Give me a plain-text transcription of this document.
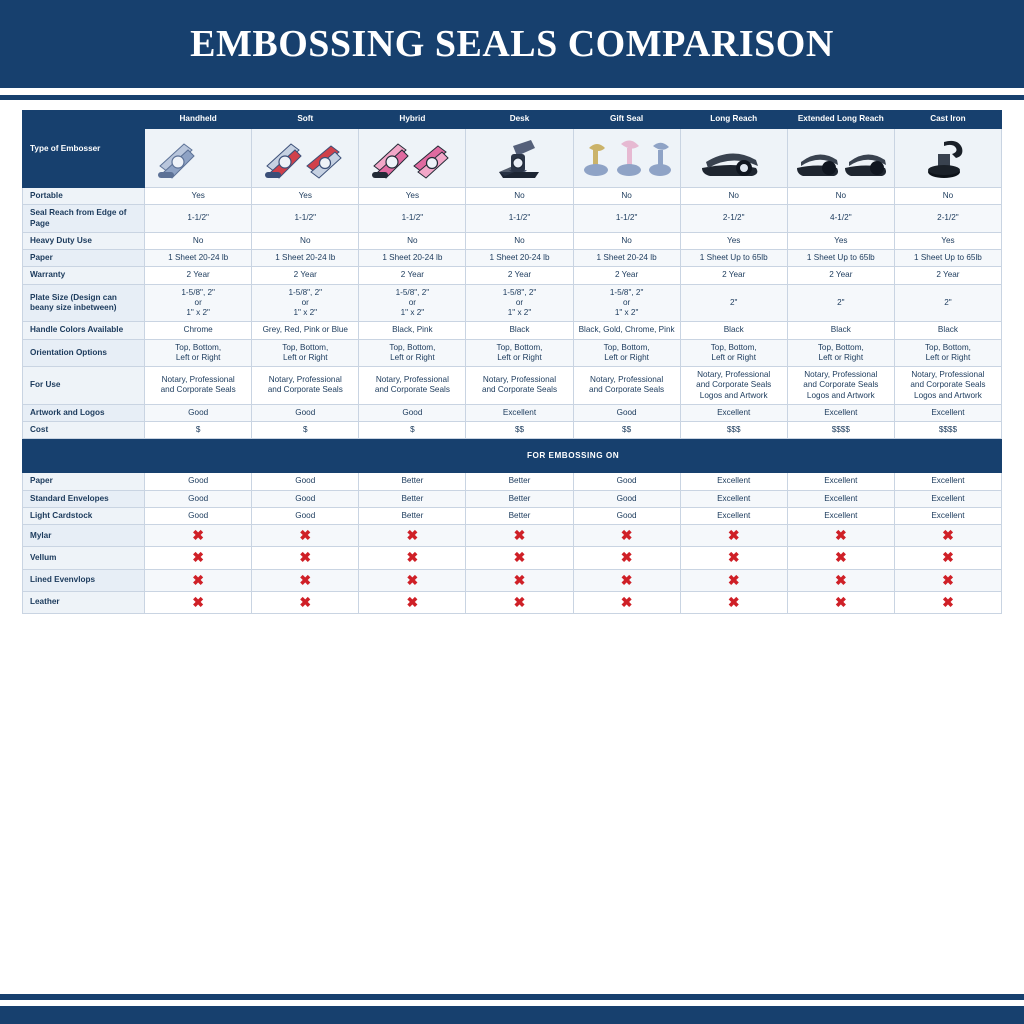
EMBOSSING SEALS COMPARISON
Type of Embosser	Handheld	Soft	Hybrid	Desk	Gift Seal	Long Reach	Extended Long Reach	Cast Iron

Portable	Yes	Yes	Yes	No	No	No	No	No
Seal Reach from Edge of Page	1-1/2"	1-1/2"	1-1/2"	1-1/2"	1-1/2"	2-1/2"	4-1/2"	2-1/2"
Heavy Duty Use	No	No	No	No	No	Yes	Yes	Yes
Paper	1 Sheet 20-24 lb	1 Sheet 20-24 lb	1 Sheet 20-24 lb	1 Sheet 20-24 lb	1 Sheet 20-24 lb	1 Sheet Up to 65lb	1 Sheet Up to 65lb	1 Sheet Up to 65lb
Warranty	2 Year	2 Year	2 Year	2 Year	2 Year	2 Year	2 Year	2 Year
Plate Size (Design can beany size inbetween)	1-5/8", 2"
or
1" x 2"	1-5/8", 2"
or
1" x 2"	1-5/8", 2"
or
1" x 2"	1-5/8", 2"
or
1" x 2"	1-5/8", 2"
or
1" x 2"	2"	2"	2"
Handle Colors Available	Chrome	Grey, Red, Pink or Blue	Black, Pink	Black	Black, Gold, Chrome, Pink	Black	Black	Black
Orientation Options	Top, Bottom,
Left or Right	Top, Bottom,
Left or Right	Top, Bottom,
Left or Right	Top, Bottom,
Left or Right	Top, Bottom,
Left or Right	Top, Bottom,
Left or Right	Top, Bottom,
Left or Right	Top, Bottom,
Left or Right
For Use	Notary, Professional
and Corporate Seals	Notary, Professional
and Corporate Seals	Notary, Professional
and Corporate Seals	Notary, Professional
and Corporate Seals	Notary, Professional
and Corporate Seals	Notary, Professional
and Corporate Seals
Logos and Artwork	Notary, Professional
and Corporate Seals
Logos and Artwork	Notary, Professional
and Corporate Seals
Logos and Artwork
Artwork and Logos	Good	Good	Good	Excellent	Good	Excellent	Excellent	Excellent
Cost	$	$	$	$$	$$	$$$	$$$$	$$$$
	FOR EMBOSSING ON							
Paper	Good	Good	Better	Better	Good	Excellent	Excellent	Excellent
Standard Envelopes	Good	Good	Better	Better	Good	Excellent	Excellent	Excellent
Light Cardstock	Good	Good	Better	Better	Good	Excellent	Excellent	Excellent
Mylar	✖	✖	✖	✖	✖	✖	✖	✖
Vellum	✖	✖	✖	✖	✖	✖	✖	✖
Lined Evenvlops	✖	✖	✖	✖	✖	✖	✖	✖
Leather	✖	✖	✖	✖	✖	✖	✖	✖
